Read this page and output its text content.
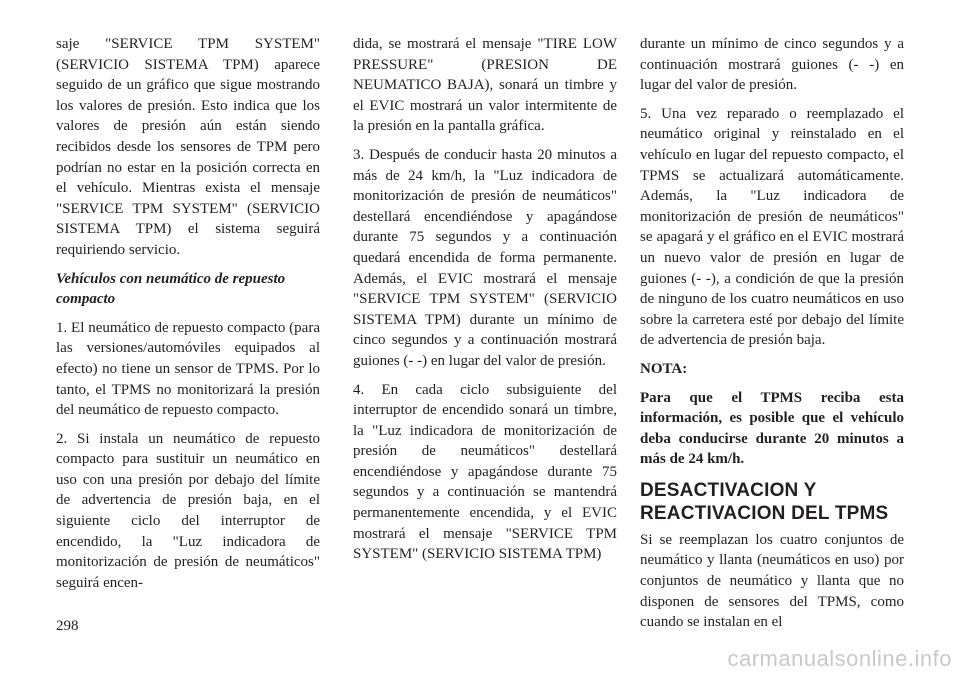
saje "SERVICE TPM SYSTEM" (SERVICIO SISTEMA TPM) aparece seguido de un gráfico que sigue mostrando los valores de presión. Esto indica que los valores de presión aún están siendo recibidos desde los sensores de TPM pero podrían no estar en la posición correcta en el vehículo. Mientras exista el mensaje "SERVICE TPM SYSTEM" (SERVICIO SISTEMA TPM) el sistema seguirá requiriendo servicio.

Vehículos con neumático de repuesto compacto

1. El neumático de repuesto compacto (para las versiones/automóviles equipados al efecto) no tiene un sensor de TPMS. Por lo tanto, el TPMS no monitorizará la presión del neumático de repuesto compacto.

2. Si instala un neumático de repuesto compacto para sustituir un neumático en uso con una presión por debajo del límite de advertencia de presión baja, en el siguiente ciclo del interruptor de encendido, la "Luz indicadora de monitorización de presión de neumáticos" seguirá encen-

dida, se mostrará el mensaje "TIRE LOW PRESSURE" (PRESION DE NEUMATICO BAJA), sonará un timbre y el EVIC mostrará un valor intermitente de la presión en la pantalla gráfica.

3. Después de conducir hasta 20 minutos a más de 24 km/h, la "Luz indicadora de monitorización de presión de neumáticos" destellará encendiéndose y apagándose durante 75 segundos y a continuación quedará encendida de forma permanente. Además, el EVIC mostrará el mensaje "SERVICE TPM SYSTEM" (SERVICIO SISTEMA TPM) durante un mínimo de cinco segundos y a continuación mostrará guiones (- -) en lugar del valor de presión.

4. En cada ciclo subsiguiente del interruptor de encendido sonará un timbre, la "Luz indicadora de monitorización de presión de neumáticos" destellará encendiéndose y apagándose durante 75 segundos y a continuación se mantendrá permanentemente encendida, y el EVIC mostrará el mensaje "SERVICE TPM SYSTEM" (SERVICIO SISTEMA TPM)

durante un mínimo de cinco segundos y a continuación mostrará guiones (- -) en lugar del valor de presión.

5. Una vez reparado o reemplazado el neumático original y reinstalado en el vehículo en lugar del repuesto compacto, el TPMS se actualizará automáticamente. Además, la "Luz indicadora de monitorización de presión de neumáticos" se apagará y el gráfico en el EVIC mostrará un nuevo valor de presión en lugar de guiones (- -), a condición de que la presión de ninguno de los cuatro neumáticos en uso sobre la carretera esté por debajo del límite de advertencia de presión baja.

NOTA:

Para que el TPMS reciba esta información, es posible que el vehículo deba conducirse durante 20 minutos a más de 24 km/h.

DESACTIVACION Y REACTIVACION DEL TPMS

Si se reemplazan los cuatro conjuntos de neumático y llanta (neumáticos en uso) por conjuntos de neumático y llanta que no disponen de sensores del TPMS, como cuando se instalan en el

298
carmanualsonline.info
